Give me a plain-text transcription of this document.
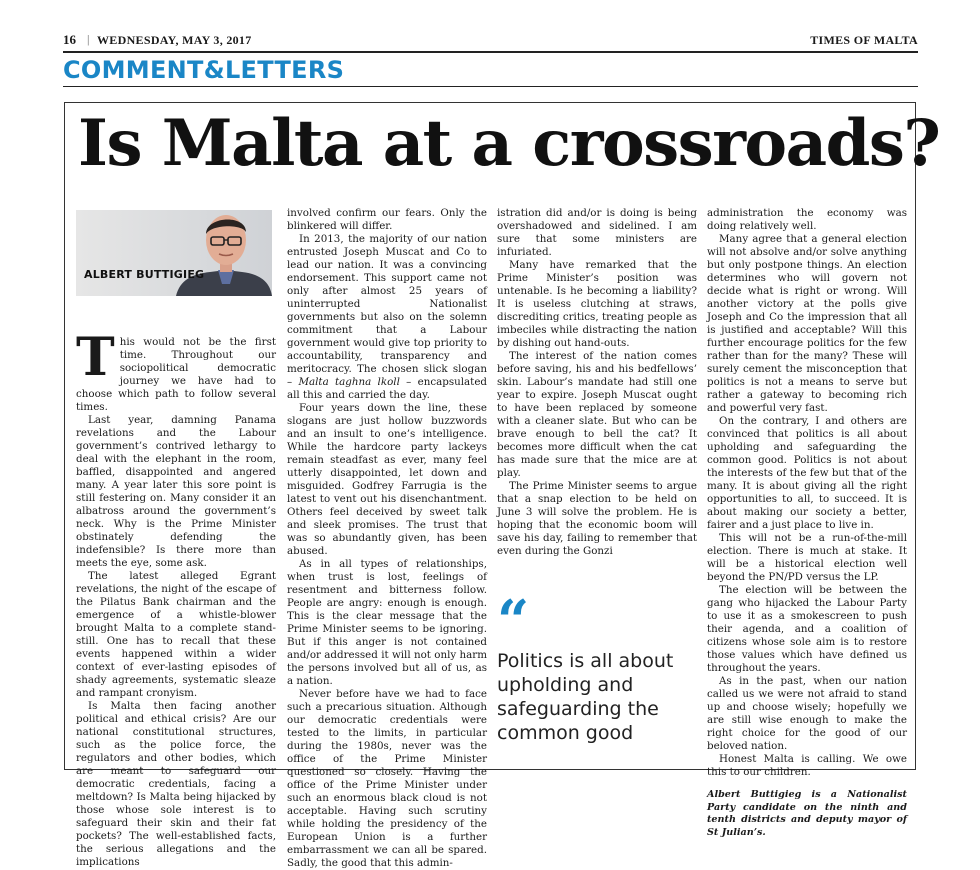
16 | WEDNESDAY, MAY 3, 2017	TIMES OF MALTA
COMMENT&LETTERS
Is Malta at a crossroads?
ALBERT BUTTIGIEG

This would not be the first time. Throughout our sociopolitical democratic journey we have had to choose which path to follow several times.

Last year, damning Panama revelations and the Labour government’s contrived lethargy to deal with the elephant in the room, baffled, disappointed and angered many. A year later this sore point is still festering on. Many consider it an albatross around the government’s neck. Why is the Prime Minister obstinately defending the indefensible? Is there more than meets the eye, some ask.

The latest alleged Egrant revelations, the night of the escape of the Pilatus Bank chairman and the emergence of a whistle-blower brought Malta to a complete stand-still. One has to recall that these events happened within a wider context of ever-lasting episodes of shady agreements, systematic sleaze and rampant cronyism.

Is Malta then facing another political and ethical crisis? Are our national constitutional structures, such as the police force, the regulators and other bodies, which are meant to safeguard our democratic credentials, facing a meltdown? Is Malta being hijacked by those whose sole interest is to safeguard their skin and their fat pockets? The well-established facts, the serious allegations and the implications

involved confirm our fears. Only the blinkered will differ.

In 2013, the majority of our nation entrusted Joseph Muscat and Co to lead our nation. It was a convincing endorsement. This support came not only after almost 25 years of uninterrupted Nationalist governments but also on the solemn commitment that a Labour government would give top priority to accountability, transparency and meritocracy. The chosen slick slogan – Malta taghna lkoll – encapsulated all this and carried the day.

Four years down the line, these slogans are just hollow buzzwords and an insult to one’s intelligence. While the hardcore party lackeys remain steadfast as ever, many feel utterly disappointed, let down and misguided. Godfrey Farrugia is the latest to vent out his disenchantment. Others feel deceived by sweet talk and sleek promises. The trust that was so abundantly given, has been abused.

As in all types of relationships, when trust is lost, feelings of resentment and bitterness follow. People are angry: enough is enough. This is the clear message that the Prime Minister seems to be ignoring. But if this anger is not contained and/or addressed it will not only harm the persons involved but all of us, as a nation.

Never before have we had to face such a precarious situation. Although our democratic credentials were tested to the limits, in particular during the 1980s, never was the office of the Prime Minister questioned so closely. Having the office of the Prime Minister under such an enormous black cloud is not acceptable. Having such scrutiny while holding the presidency of the European Union is a further embarrassment we can all be spared. Sadly, the good that this admin-

istration did and/or is doing is being overshadowed and sidelined. I am sure that some ministers are infuriated.

Many have remarked that the Prime Minister’s position was untenable. Is he becoming a liability? It is useless clutching at straws, discrediting critics, treating people as imbeciles while distracting the nation by dishing out hand-outs.

The interest of the nation comes before saving, his and his bedfellows’ skin. Labour’s mandate had still one year to expire. Joseph Muscat ought to have been replaced by someone with a cleaner slate. But who can be brave enough to bell the cat? It becomes more difficult when the cat has made sure that the mice are at play.

The Prime Minister seems to argue that a snap election to be held on June 3 will solve the problem. He is hoping that the economic boom will save his day, failing to remember that even during the Gonzi

“
Politics is all about upholding and safeguarding the common good

administration the economy was doing relatively well.

Many agree that a general election will not absolve and/or solve anything but only postpone things. An election determines who will govern not decide what is right or wrong. Will another victory at the polls give Joseph and Co the impression that all is justified and acceptable? Will this further encourage politics for the few rather than for the many? These will surely cement the misconception that politics is not a means to serve but rather a gateway to becoming rich and powerful very fast.

On the contrary, I and others are convinced that politics is all about upholding and safeguarding the common good. Politics is not about the interests of the few but that of the many. It is about giving all the right opportunities to all, to succeed. It is about making our society a better, fairer and a just place to live in.

This will not be a run-of-the-mill election. There is much at stake. It will be a historical election well beyond the PN/PD versus the LP.

The election will be between the gang who hijacked the Labour Party to use it as a smokescreen to push their agenda, and a coalition of citizens whose sole aim is to restore those values which have defined us throughout the years.

As in the past, when our nation called us we were not afraid to stand up and choose wisely; hopefully we are still wise enough to make the right choice for the good of our beloved nation.

Honest Malta is calling. We owe this to our children.

Albert Buttigieg is a Nationalist Party candidate on the ninth and tenth districts and deputy mayor of St Julian’s.
